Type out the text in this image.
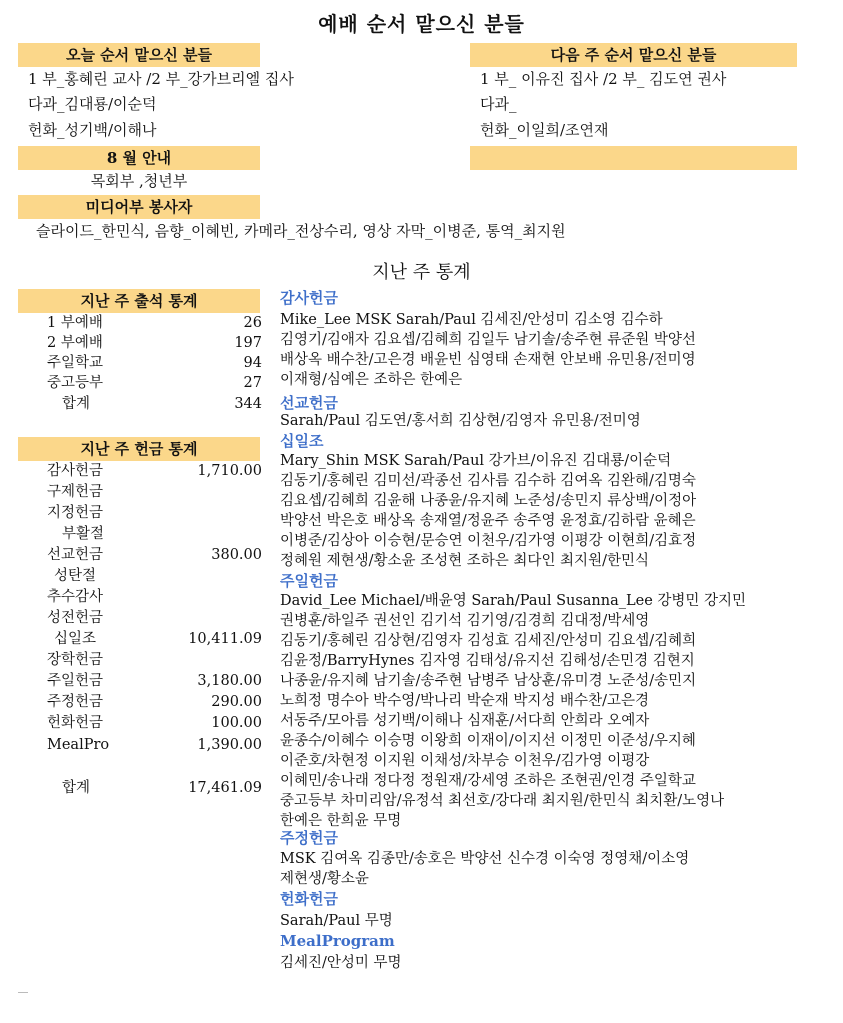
예배 순서 맡으신 분들
오늘 순서 맡으신 분들
1 부_홍혜린 교사 /2 부_강가브리엘 집사
다과_김대룡/이순덕
헌화_성기백/이해나
다음 주 순서 맡으신 분들
1 부_ 이유진 집사 /2 부_ 김도연 권사
다과_
헌화_이일희/조연재
8 월 안내
목회부 ,청년부
미디어부 봉사자
슬라이드_한민식, 음향_이혜빈, 카메라_전상수리, 영상 자막_이병준, 통역_최지원
지난 주 통계
지난 주 출석 통계
1 부예배	26
2 부예배	197
주일학교	94
중고등부	27
합계	344
지난 주 헌금 통계
감사헌금	1,710.00
구제헌금
지정헌금
부활절
선교헌금	380.00
성탄절
추수감사
성전헌금
십일조	10,411.09
장학헌금
주일헌금	3,180.00
주정헌금	290.00
헌화헌금	100.00
MealPro	1,390.00
합계	17,461.09
감사헌금
Mike_Lee MSK Sarah/Paul 김세진/안성미 김소영 김수하
김영기/김애자 김요셉/김혜희 김일두 남기솔/송주현 류준원 박양선
배상옥 배수찬/고은경 배윤빈 심영태 손재현 안보배 유민용/전미영
이재형/심예은 조하은 한예은
선교헌금
Sarah/Paul 김도연/홍서희 김상현/김영자 유민용/전미영
십일조
Mary_Shin MSK Sarah/Paul 강가브/이유진 김대룡/이순덕
김동기/홍혜린 김미선/곽종선 김사름 김수하 김여옥 김완해/김명숙
김요셉/김혜희 김윤해 나종윤/유지혜 노준성/송민지 류상백/이정아
박양선 박은호 배상옥 송재열/정윤주 송주영 윤정효/김하람 윤혜은
이병준/김상아 이승현/문승연 이천우/김가영 이평강 이현희/김효정
정혜원 제현생/황소윤 조성현 조하은 최다인 최지원/한민식
주일헌금
David_Lee Michael/배윤영 Sarah/Paul Susanna_Lee 강병민 강지민
권병훈/하일주 권선인 김기석 김기영/김경희 김대정/박세영
김동기/홍혜린 김상현/김영자 김성효 김세진/안성미 김요셉/김혜희
김윤정/BarryHynes 김자영 김태성/유지선 김해성/손민경 김현지
나종윤/유지혜 남기솔/송주현 남병주 남상훈/유미경 노준성/송민지
노희정 명수아 박수영/박나리 박순재 박지성 배수찬/고은경
서동주/모아름 성기백/이해나 심재훈/서다희 안희라 오예자
윤종수/이혜수 이승명 이왕희 이재이/이지선 이정민 이준성/우지혜
이준호/차현정 이지원 이채성/차부승 이천우/김가영 이평강
이혜민/송나래 정다정 정원재/강세영 조하은 조현권/인경 주일학교
중고등부 차미리암/유정석 최선호/강다래 최지원/한민식 최치환/노영나
한예은 한희윤 무명
주정헌금
MSK 김여옥 김종만/송호은 박양선 신수경 이숙영 정영채/이소영
제현생/황소윤
헌화헌금
Sarah/Paul 무명
MealProgram
김세진/안성미 무명
